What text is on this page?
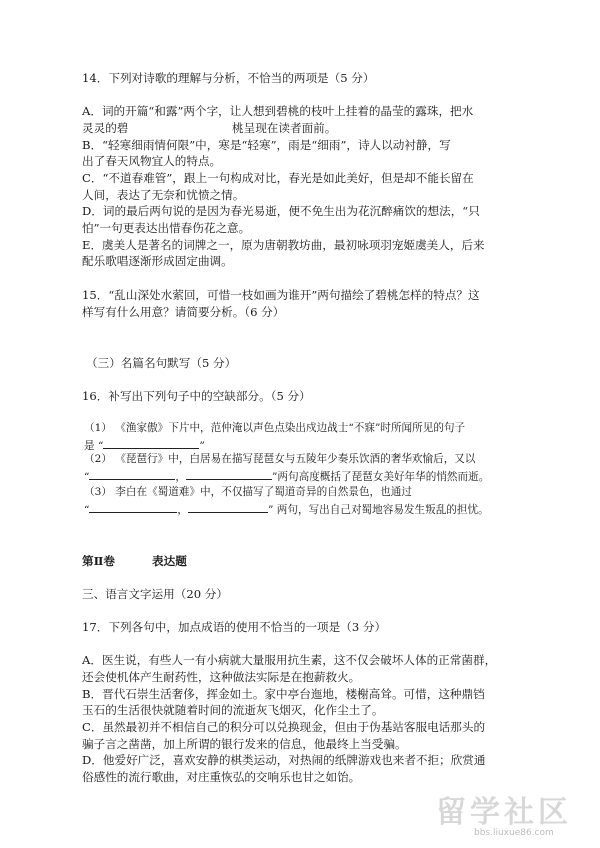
14．下列对诗歌的理解与分析，不恰当的两项是（5 分）
A．词的开篇“和露”两个字，让人想到碧桃的枝叶上挂着的晶莹的露珠，把水
灵灵的碧	桃呈现在读者面前。
B．“轻寒细雨情何限”中，寒是“轻寒”，雨是“细雨”，诗人以动衬静，写
出了春天风物宜人的特点。
C．“不道春难管”，跟上一句构成对比，春光是如此美好，但是却不能长留在
人间，表达了无奈和忧愤之情。
D．词的最后两句说的是因为春光易逝，便不免生出为花沉醉痛饮的想法，“只
怕”一句更表达出惜春伤花之意。
E．虞美人是著名的词牌之一，原为唐朝教坊曲，最初咏项羽宠姬虞美人，后来
配乐歌唱逐渐形成固定曲调。
15．“乱山深处水萦回，可惜一枝如画为谁开”两句描绘了碧桃怎样的特点？这
样写有什么用意？请简要分析。（6 分）
（三）名篇名句默写（5 分）
16．补写出下列句子中的空缺部分。（5 分）
（1） 《渔家傲》下片中，范仲淹以声色点染出戍边战士“不寐”时所闻所见的句子
是 “	”
（2） 《琵琶行》中，白居易在描写琵琶女与五陵年少奏乐饮酒的奢华欢愉后，又以
“	，	”两句高度概括了琵琶女美好年华的悄然而逝。
（3） 李白在《蜀道难》中，不仅描写了蜀道奇异的自然景色，也通过
“	，	” 两句，写出自己对蜀地容易发生叛乱的担忧。
第Ⅱ卷	表达题
三、语言文字运用（20 分）
17．下列各句中，加点成语的使用不恰当的一项是（3 分）
A．医生说，有些人一有小病就大量服用抗生素，这不仅会破坏人体的正常菌群，
还会使机体产生耐药性，这种做法实际是在抱薪救火。
B．晋代石崇生活奢侈，挥金如土。家中亭台迤地，楼榭高耸。可惜，这种鼎铛
玉石的生活很快就随着时间的流逝灰飞烟灭，化作尘土了。
C．虽然最初并不相信自己的积分可以兑换现金，但由于伪基站客服电话那头的
骗子言之凿凿，加上所谓的银行发来的信息，他最终上当受骗。
D．他爱好广泛，喜欢安静的棋类运动，对热闹的纸牌游戏也来者不拒；欣赏通
俗感性的流行歌曲，对庄重恢弘的交响乐也甘之如饴。
留学社区
bbs.liuxue86.com
